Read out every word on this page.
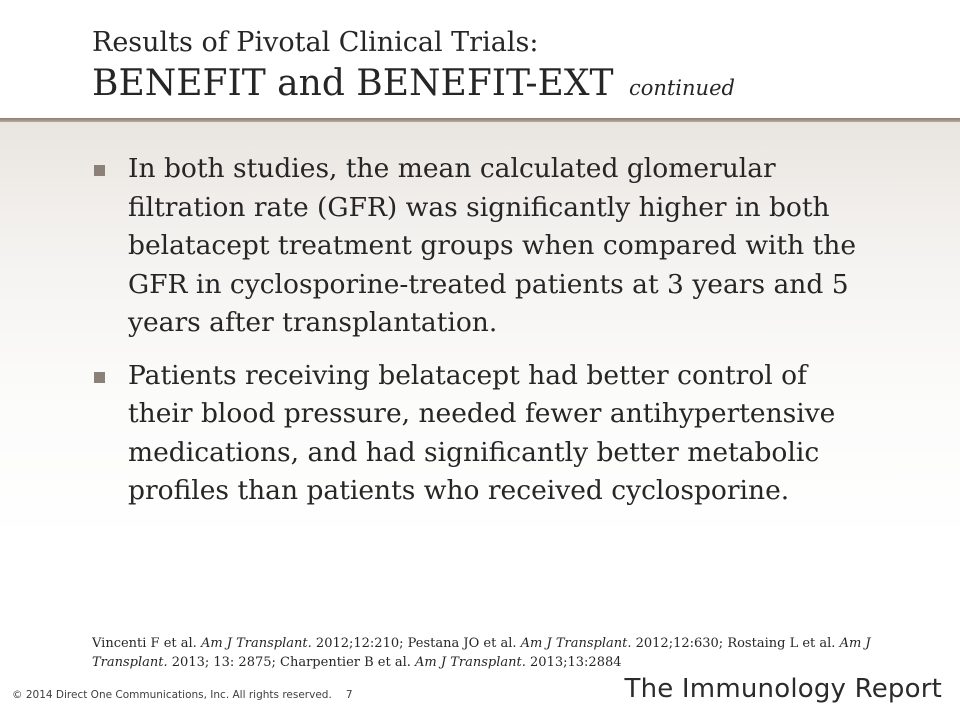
Results of Pivotal Clinical Trials:
BENEFIT and BENEFIT-EXT continued
In both studies, the mean calculated glomerular filtration rate (GFR) was significantly higher in both belatacept treatment groups when compared with the GFR in cyclosporine-treated patients at 3 years and 5 years after transplantation.
Patients receiving belatacept had better control of their blood pressure, needed fewer antihypertensive medications, and had significantly better metabolic profiles than patients who received cyclosporine.
Vincenti F et al. Am J Transplant. 2012;12:210; Pestana JO et al. Am J Transplant. 2012;12:630; Rostaing L et al. Am J Transplant. 2013; 13: 2875; Charpentier B et al. Am J Transplant. 2013;13:2884
© 2014 Direct One Communications, Inc. All rights reserved. 7	The Immunology Report
